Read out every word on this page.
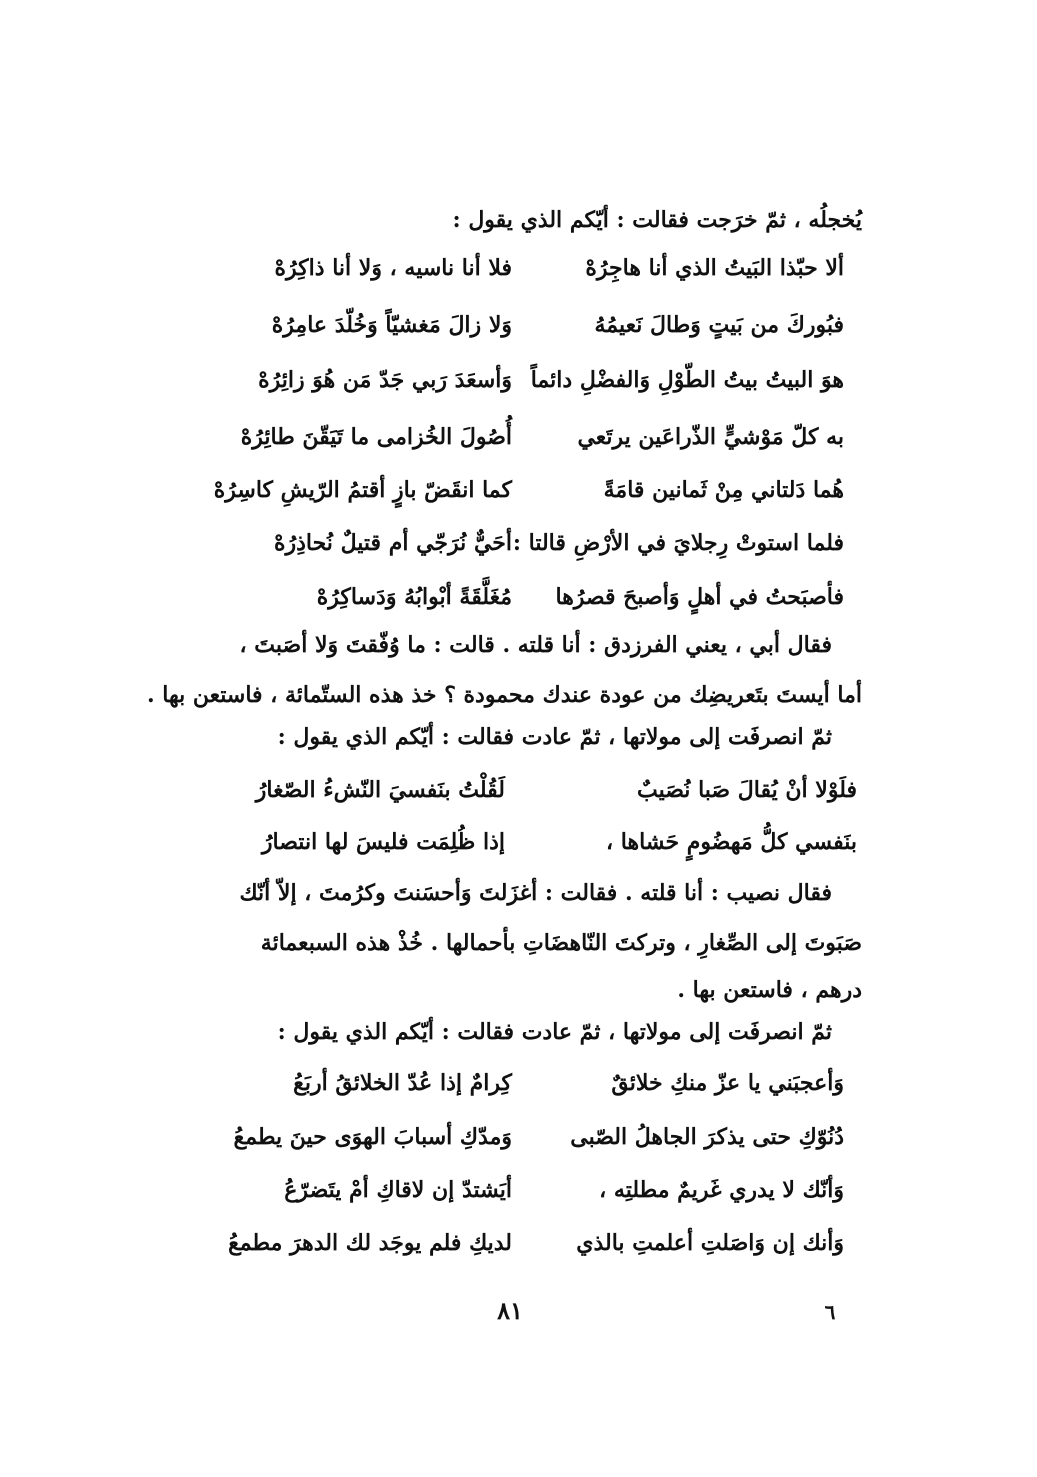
يُخجلُه ، ثمّ خرَجت فقالت : أيّكم الذي يقول :
ألا حبّذا البَيتُ الذي أنا هاجِرُهْ
فلا أنا ناسيه ، وَلا أنا ذاكِرُهْ
فبُوركَ من بَيتٍ وَطالَ نَعيمُهُ
وَلا زالَ مَغشيّاً وَخُلّدَ عامِرُهْ
هوَ البيتُ بيتُ الطّوْلِ وَالفضْلِ دائماً
وَأسعَدَ رَبي جَدّ مَن هُوَ زائِرُهْ
به كلّ مَوْشيٍّ الذّراعَين يرتَعي
أُصُولَ الخُزامى ما تَيَقّنَ طائِرُهْ
هُما دَلتاني مِنْ ثَمانين قامَةً
كما انقَضّ بازٍ أقتمُ الرّيشِ كاسِرُهْ
فلما استوتْ رِجلايَ في الأرْضِ قالتا :
أحَيٌّ نُرَجّي أم قتيلٌ نُحاذِرُهْ
فأصبَحتُ في أهلٍ وَأصبحَ قصرُها
مُغَلَّقَةً أبْوابُهُ وَدَساكِرُهْ
فقال أبي ، يعني الفرزدق : أنا قلته . قالت : ما وُفّقتَ وَلا أصَبتَ ،
أما أيستَ بتَعريضِك من عودة عندك محمودة ؟ خذ هذه الستّمائة ، فاستعن بها .
ثمّ انصرفَت إلى مولاتها ، ثمّ عادت فقالت : أيّكم الذي يقول :
فلَوْلا أنْ يُقالَ صَبا نُصَيبٌ
لَقُلْتُ بنَفسيَ النّشءُ الصّغارُ
بنَفسي كلُّ مَهضُومٍ حَشاها ،
إذا ظُلِمَت فليسَ لها انتصارُ
فقال نصيب : أنا قلته . فقالت : أغزَلتَ وَأحسَنتَ وكرُمتَ ، إلاّ أنّك
صَبَوتَ إلى الصِّغارِ ، وتركتَ النّاهضَاتِ بأحمالها . خُذْ هذه السبعمائة
درهم ، فاستعن بها .
ثمّ انصرفَت إلى مولاتها ، ثمّ عادت فقالت : أيّكم الذي يقول :
وَأعجبَني يا عزّ منكِ خلائقٌ
كِرامٌ إذا عُدّ الخلائقُ أربَعُ
دُنُوّكِ حتى يذكرَ الجاهلُ الصّبى
وَمدّكِ أسبابَ الهوَى حينَ يطمعُ
وَأنّك لا يدري غَريمٌ مطلتِه ،
أيَشتدّ إن لاقاكِ أمْ يتَضرّعُ
وَأنك إن وَاصَلتِ أعلمتِ بالذي
لديكِ فلم يوجَد لك الدهرَ مطمعُ
٨١	٦
